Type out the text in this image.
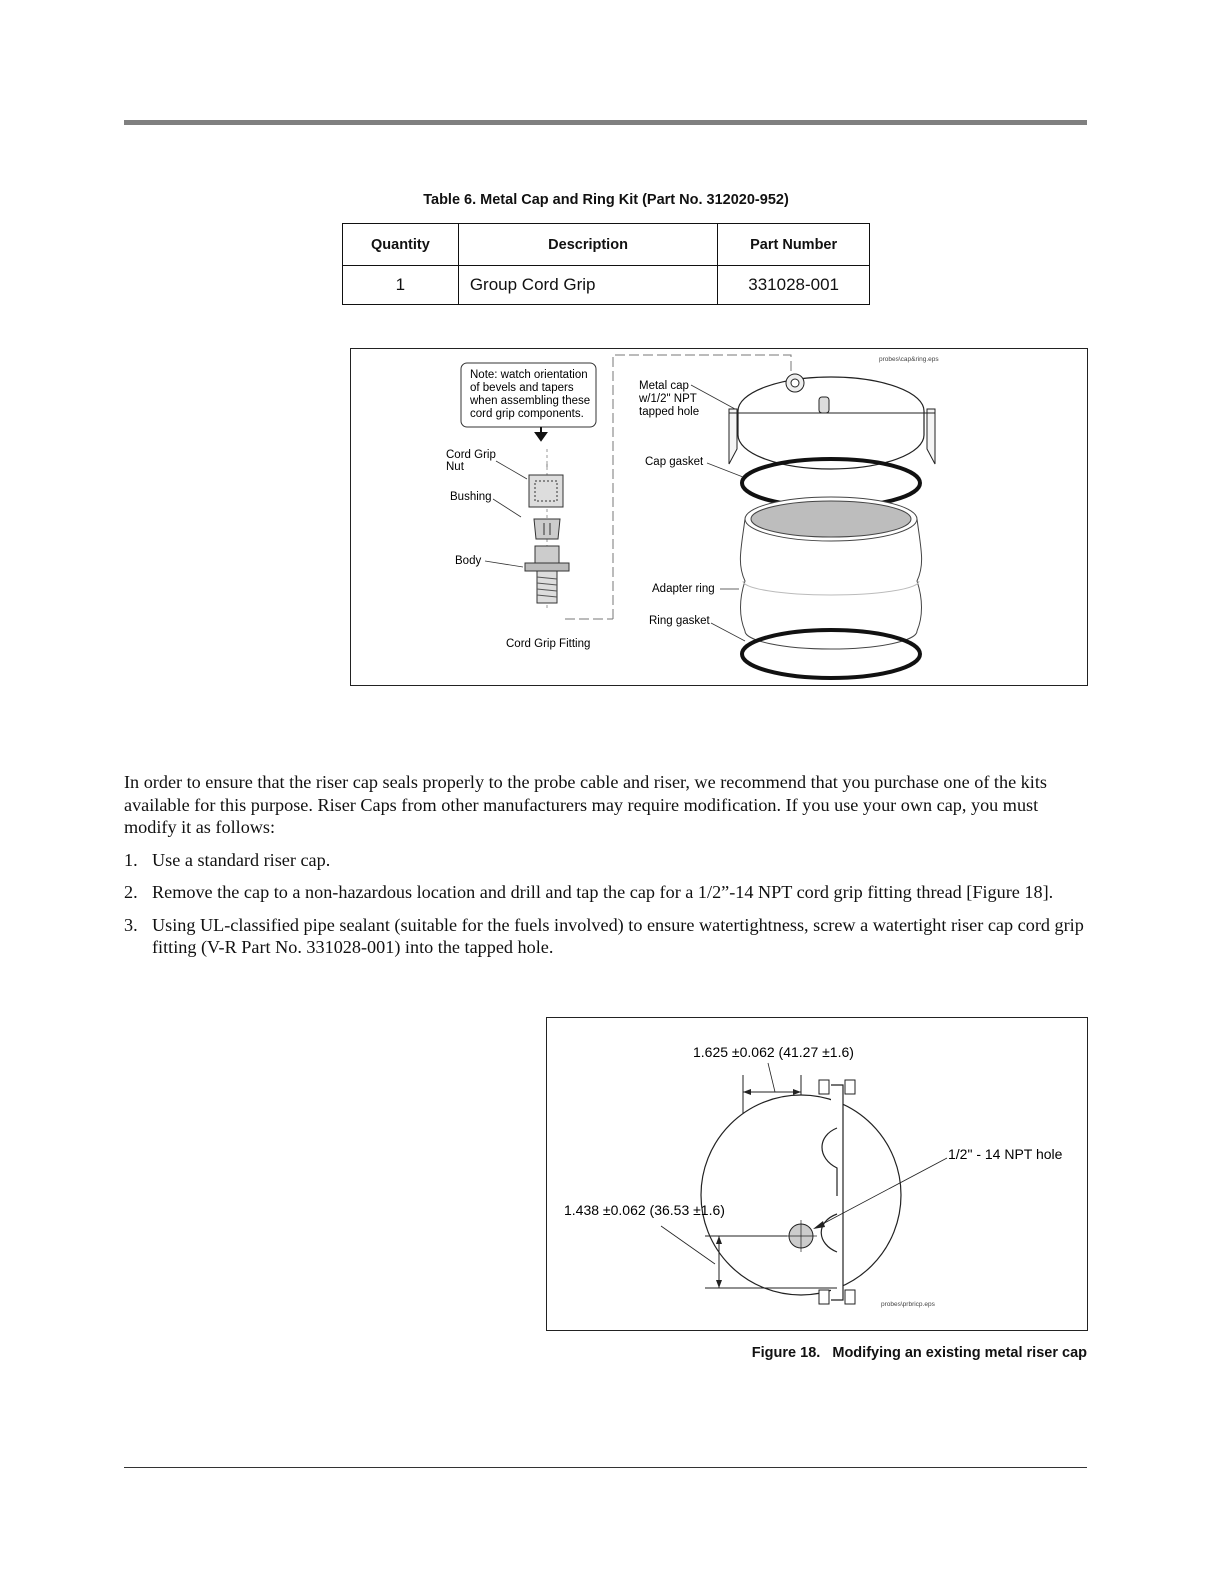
Table 6. Metal Cap and Ring Kit (Part No. 312020-952)
Quantity	Description	Part Number
1	Group Cord Grip	331028-001
probes\cap&ring.eps
Note: watch orientation
of bevels and tapers
when assembling these
cord grip components.
Cord Grip
Nut
Bushing
Body
Cord Grip Fitting
Metal cap
w/1/2" NPT
tapped hole
Cap gasket
Adapter ring
Ring gasket

In order to ensure that the riser cap seals properly to the probe cable and riser, we recommend that you purchase one of the kits available for this purpose. Riser Caps from other manufacturers may require modification. If you use your own cap, you must modify it as follows:

1. Use a standard riser cap.
2. Remove the cap to a non-hazardous location and drill and tap the cap for a 1/2”-14 NPT cord grip fitting thread [Figure 18].
3. Using UL-classified pipe sealant (suitable for the fuels involved) to ensure watertightness, screw a watertight riser cap cord grip fitting (V-R Part No. 331028-001) into the tapped hole.
1.625 ±0.062 (41.27 ±1.6)
1/2" - 14 NPT hole
1.438 ±0.062 (36.53 ±1.6)
probes\prbricp.eps
Figure 18.   Modifying an existing metal riser cap
